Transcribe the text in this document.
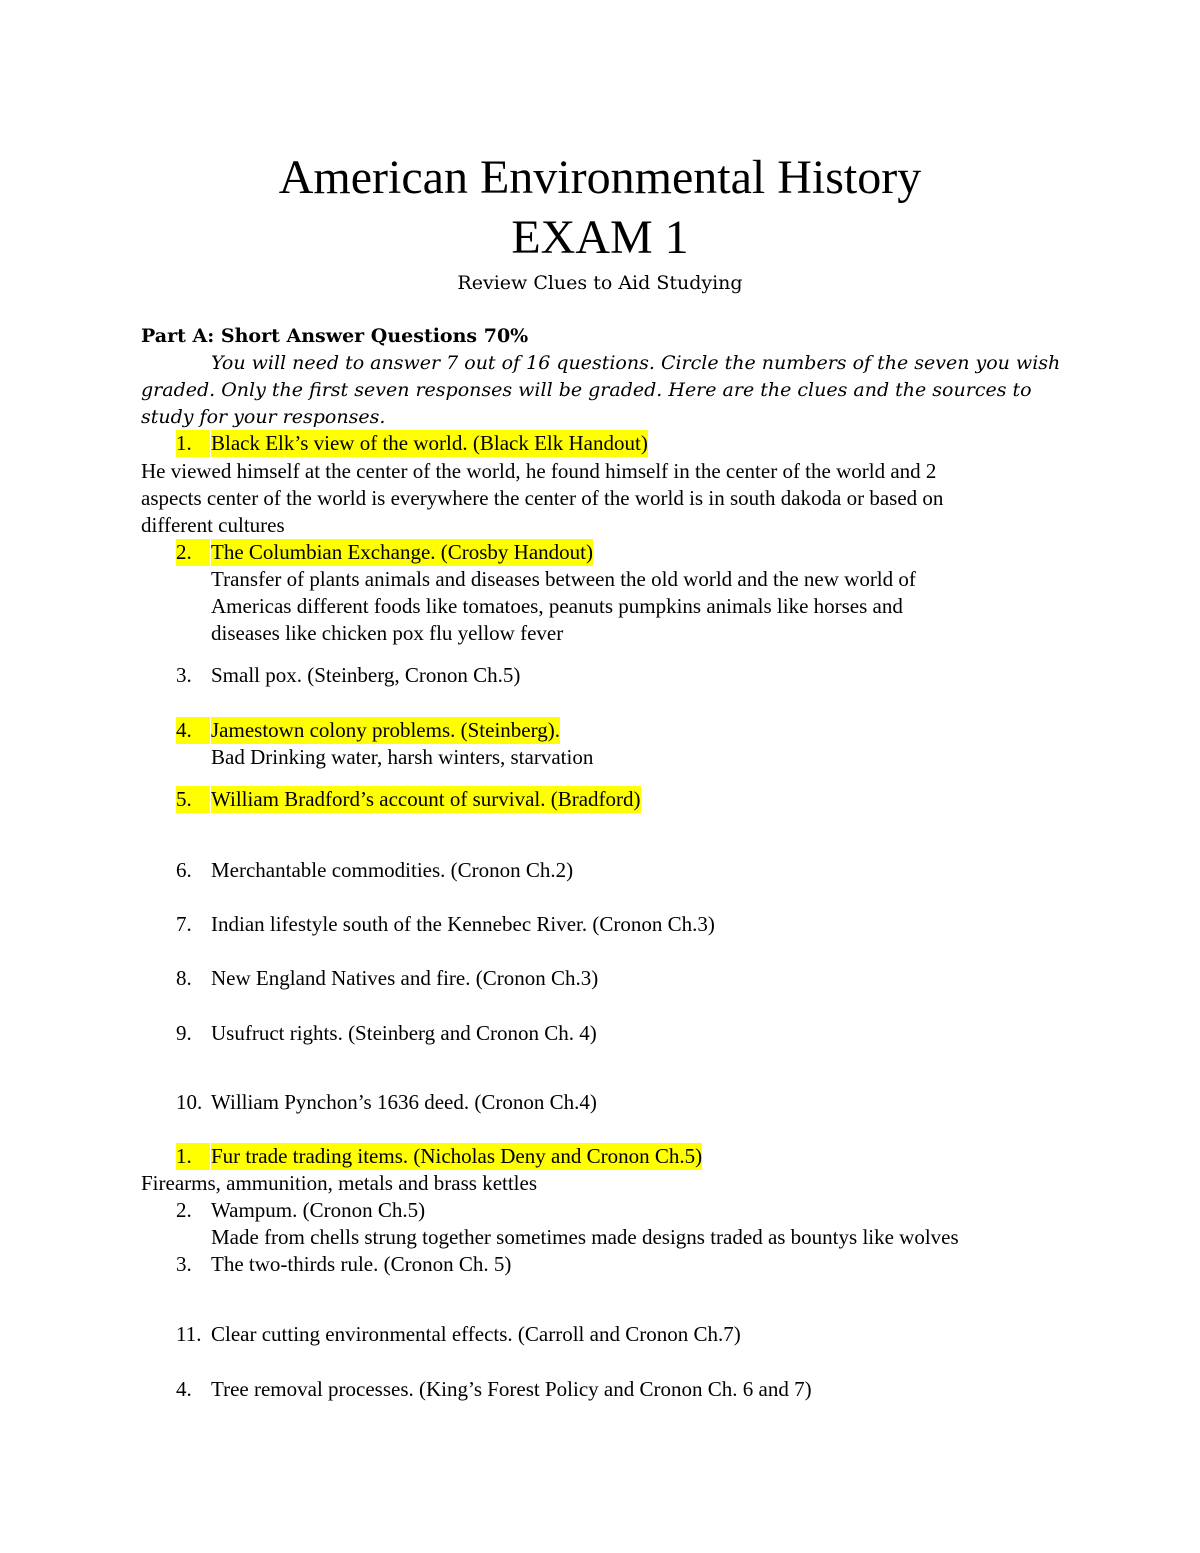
American Environmental History
EXAM 1
Review Clues to Aid Studying
Part A: Short Answer Questions 70%
You will need to answer 7 out of 16 questions. Circle the numbers of the seven you wish
graded. Only the first seven responses will be graded. Here are the clues and the sources to
study for your responses.
1. Black Elk’s view of the world. (Black Elk Handout)
He viewed himself at the center of the world, he found himself in the center of the world and 2
aspects center of the world is everywhere the center of the world is in south dakoda or based on
different cultures
2. The Columbian Exchange. (Crosby Handout)
Transfer of plants animals and diseases between the old world and the new world of
Americas different foods like tomatoes, peanuts pumpkins animals like horses and
diseases like chicken pox flu yellow fever
3. Small pox. (Steinberg, Cronon Ch.5)
4. Jamestown colony problems. (Steinberg).
Bad Drinking water, harsh winters, starvation
5. William Bradford’s account of survival. (Bradford)
6. Merchantable commodities. (Cronon Ch.2)
7. Indian lifestyle south of the Kennebec River. (Cronon Ch.3)
8. New England Natives and fire. (Cronon Ch.3)
9. Usufruct rights. (Steinberg and Cronon Ch. 4)
10. William Pynchon’s 1636 deed. (Cronon Ch.4)
1. Fur trade trading items. (Nicholas Deny and Cronon Ch.5)
Firearms, ammunition, metals and brass kettles
2. Wampum. (Cronon Ch.5)
Made from chells strung together sometimes made designs traded as bountys like wolves
3. The two-thirds rule. (Cronon Ch. 5)
11. Clear cutting environmental effects. (Carroll and Cronon Ch.7)
4. Tree removal processes. (King’s Forest Policy and Cronon Ch. 6 and 7)
